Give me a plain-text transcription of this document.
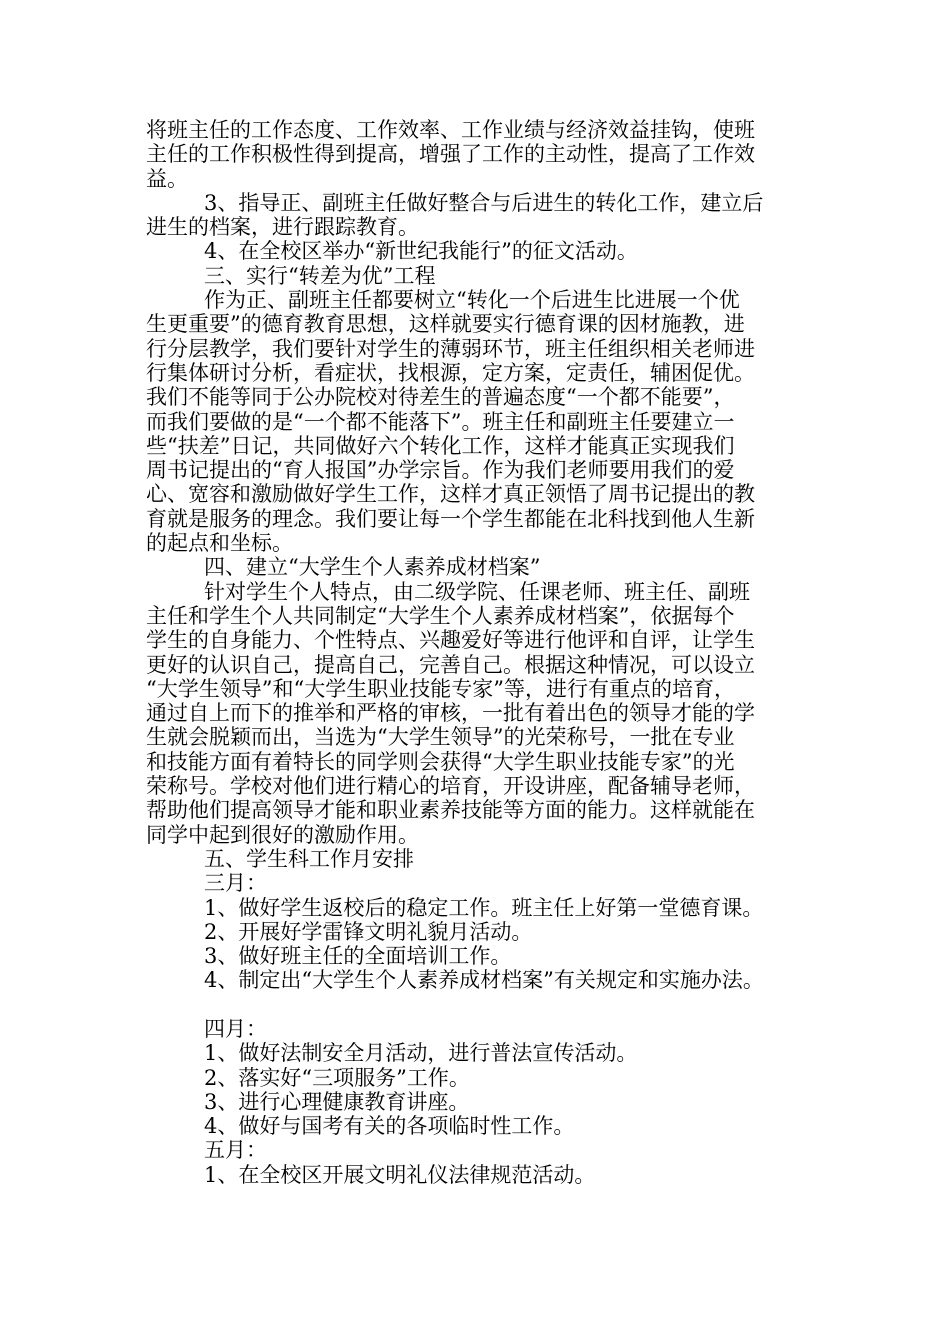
将班主任的工作态度、工作效率、工作业绩与经济效益挂钩，使班
主任的工作积极性得到提高，增强了工作的主动性，提高了工作效
益。
3、指导正、副班主任做好整合与后进生的转化工作，建立后
进生的档案，进行跟踪教育。
4、在全校区举办“新世纪我能行”的征文活动。
三、实行“转差为优”工程
作为正、副班主任都要树立“转化一个后进生比进展一个优
生更重要”的德育教育思想，这样就要实行德育课的因材施教，进
行分层教学，我们要针对学生的薄弱环节，班主任组织相关老师进
行集体研讨分析，看症状，找根源，定方案，定责任，辅困促优。
我们不能等同于公办院校对待差生的普遍态度“一个都不能要”，
而我们要做的是“一个都不能落下”。班主任和副班主任要建立一
些“扶差”日记，共同做好六个转化工作，这样才能真正实现我们
周书记提出的“育人报国”办学宗旨。作为我们老师要用我们的爱
心、宽容和激励做好学生工作，这样才真正领悟了周书记提出的教
育就是服务的理念。我们要让每一个学生都能在北科找到他人生新
的起点和坐标。
四、建立“大学生个人素养成材档案”
针对学生个人特点，由二级学院、任课老师、班主任、副班
主任和学生个人共同制定“大学生个人素养成材档案”，依据每个
学生的自身能力、个性特点、兴趣爱好等进行他评和自评，让学生
更好的认识自己，提高自己，完善自己。根据这种情况，可以设立
“大学生领导”和“大学生职业技能专家”等，进行有重点的培育，
通过自上而下的推举和严格的审核，一批有着出色的领导才能的学
生就会脱颖而出，当选为“大学生领导”的光荣称号，一批在专业
和技能方面有着特长的同学则会获得“大学生职业技能专家”的光
荣称号。学校对他们进行精心的培育，开设讲座，配备辅导老师，
帮助他们提高领导才能和职业素养技能等方面的能力。这样就能在
同学中起到很好的激励作用。
五、学生科工作月安排
三月：
1、做好学生返校后的稳定工作。班主任上好第一堂德育课。
2、开展好学雷锋文明礼貌月活动。
3、做好班主任的全面培训工作。
4、制定出“大学生个人素养成材档案”有关规定和实施办法。
四月：
1、做好法制安全月活动，进行普法宣传活动。
2、落实好“三项服务”工作。
3、进行心理健康教育讲座。
4、做好与国考有关的各项临时性工作。
五月：
1、在全校区开展文明礼仪法律规范活动。
